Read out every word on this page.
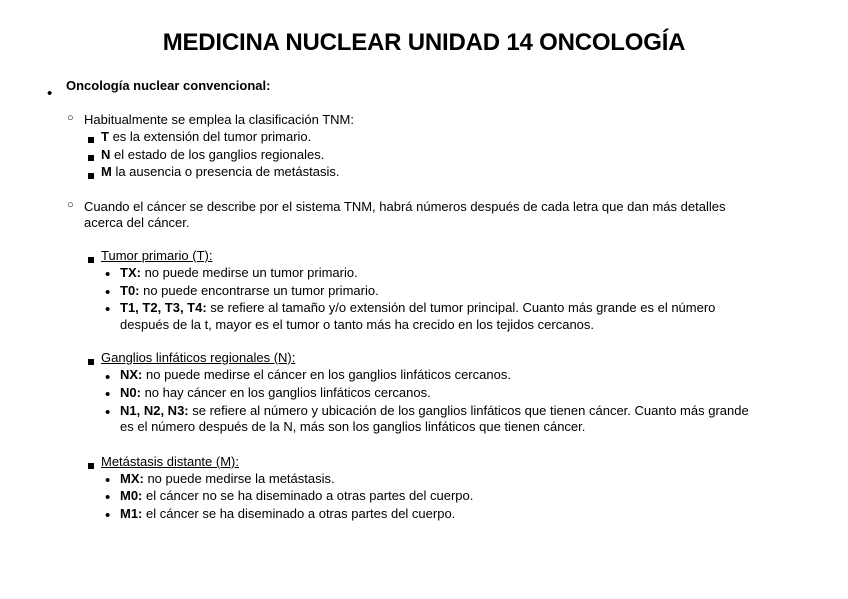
MEDICINA NUCLEAR UNIDAD 14 ONCOLOGÍA
• Oncología nuclear convencional:
○ Habitualmente se emplea la clasificación TNM:
T es la extensión del tumor primario.
N el estado de los ganglios regionales.
M la ausencia o presencia de metástasis.
○ Cuando el cáncer se describe por el sistema TNM, habrá números después de cada letra que dan más detalles
acerca del cáncer.
Tumor primario (T):
• TX: no puede medirse un tumor primario.
• T0: no puede encontrarse un tumor primario.
• T1, T2, T3, T4: se refiere al tamaño y/o extensión del tumor principal. Cuanto más grande es el número
después de la t, mayor es el tumor o tanto más ha crecido en los tejidos cercanos.
Ganglios linfáticos regionales (N):
• NX: no puede medirse el cáncer en los ganglios linfáticos cercanos.
• N0: no hay cáncer en los ganglios linfáticos cercanos.
• N1, N2, N3: se refiere al número y ubicación de los ganglios linfáticos que tienen cáncer. Cuanto más grande
es el número después de la N, más son los ganglios linfáticos que tienen cáncer.
Metástasis distante (M):
• MX: no puede medirse la metástasis.
• M0: el cáncer no se ha diseminado a otras partes del cuerpo.
• M1: el cáncer se ha diseminado a otras partes del cuerpo.
